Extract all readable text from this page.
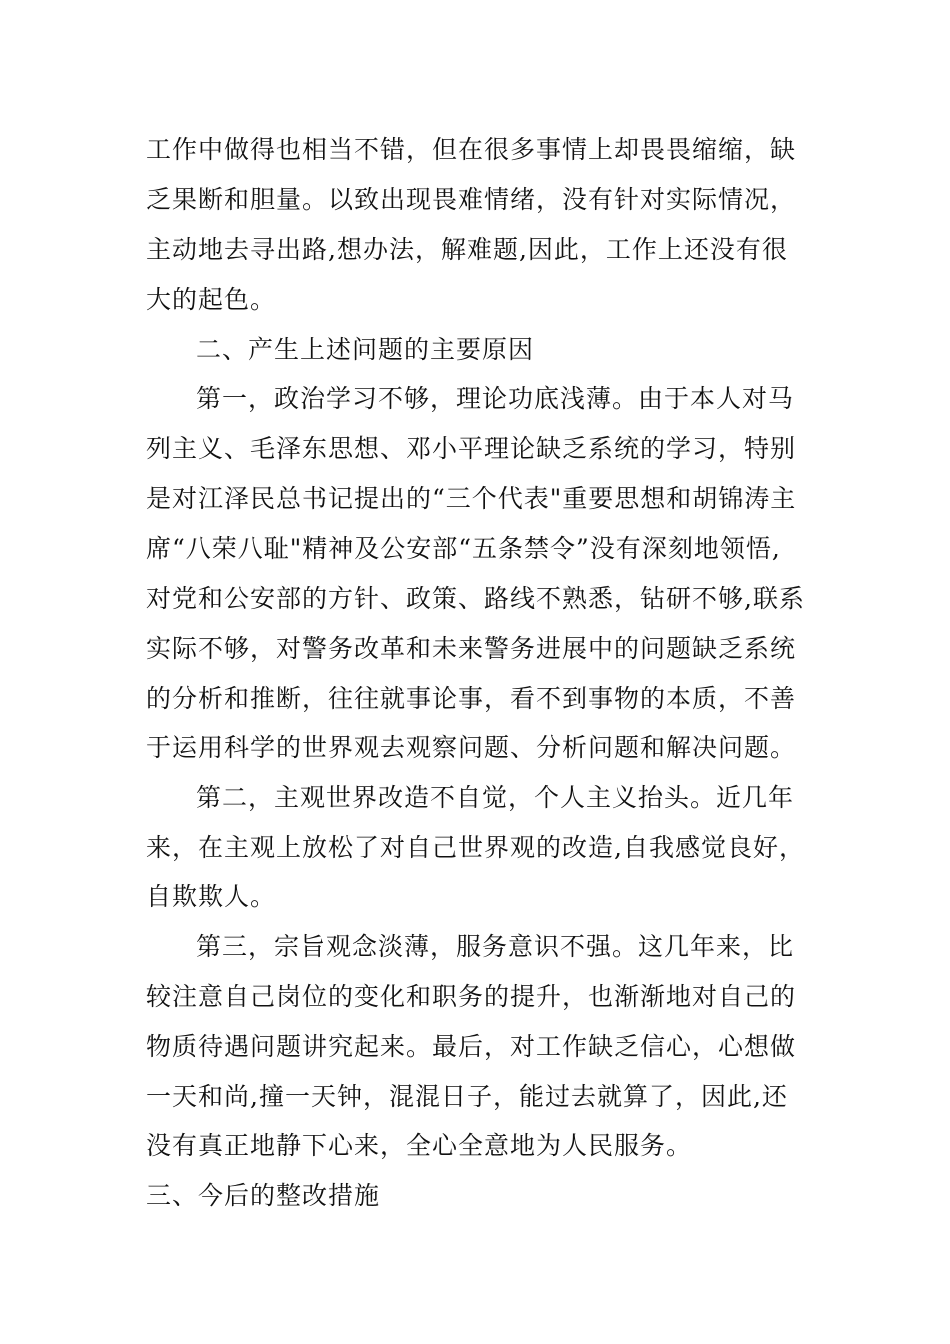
工作中做得也相当不错，但在很多事情上却畏畏缩缩，缺
乏果断和胆量。以致出现畏难情绪，没有针对实际情况，
主动地去寻出路,想办法，解难题,因此，工作上还没有很
大的起色。
二、产生上述问题的主要原因
第一，政治学习不够，理论功底浅薄。由于本人对马
列主义、毛泽东思想、邓小平理论缺乏系统的学习，特别
是对江泽民总书记提出的“三个代表"重要思想和胡锦涛主
席“八荣八耻"精神及公安部“五条禁令”没有深刻地领悟,
对党和公安部的方针、政策、路线不熟悉，钻研不够,联系
实际不够，对警务改革和未来警务进展中的问题缺乏系统
的分析和推断，往往就事论事，看不到事物的本质，不善
于运用科学的世界观去观察问题、分析问题和解决问题。
第二，主观世界改造不自觉，个人主义抬头。近几年
来，在主观上放松了对自己世界观的改造,自我感觉良好，
自欺欺人。
第三，宗旨观念淡薄，服务意识不强。这几年来，比
较注意自己岗位的变化和职务的提升，也渐渐地对自己的
物质待遇问题讲究起来。最后，对工作缺乏信心，心想做
一天和尚,撞一天钟，混混日子，能过去就算了，因此,还
没有真正地静下心来，全心全意地为人民服务。
三、今后的整改措施
